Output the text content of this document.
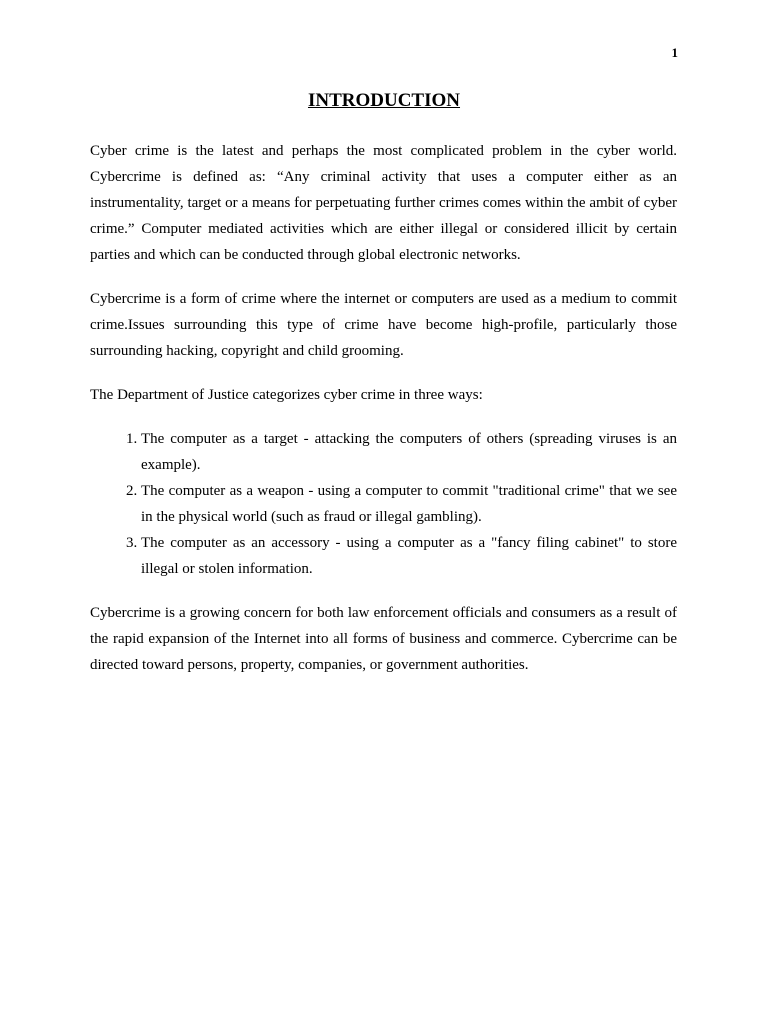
1
INTRODUCTION

Cyber crime is the latest and perhaps the most complicated problem in the cyber world. Cybercrime is defined as: “Any criminal activity that uses a computer either as an instrumentality, target or a means for perpetuating further crimes comes within the ambit of cyber crime.” Computer mediated activities which are either illegal or considered illicit by certain parties and which can be conducted through global electronic networks.

Cybercrime is a form of crime where the internet or computers are used as a medium to commit crime.Issues surrounding this type of crime have become high-profile, particularly those surrounding hacking, copyright and child grooming.

The Department of Justice categorizes cyber crime in three ways:

1. The computer as a target - attacking the computers of others (spreading viruses is an example).
2. The computer as a weapon - using a computer to commit "traditional crime" that we see in the physical world (such as fraud or illegal gambling).
3. The computer as an accessory - using a computer as a "fancy filing cabinet" to store illegal or stolen information.

Cybercrime is a growing concern for both law enforcement officials and consumers as a result of the rapid expansion of the Internet into all forms of business and commerce. Cybercrime can be directed toward persons, property, companies, or government authorities.
